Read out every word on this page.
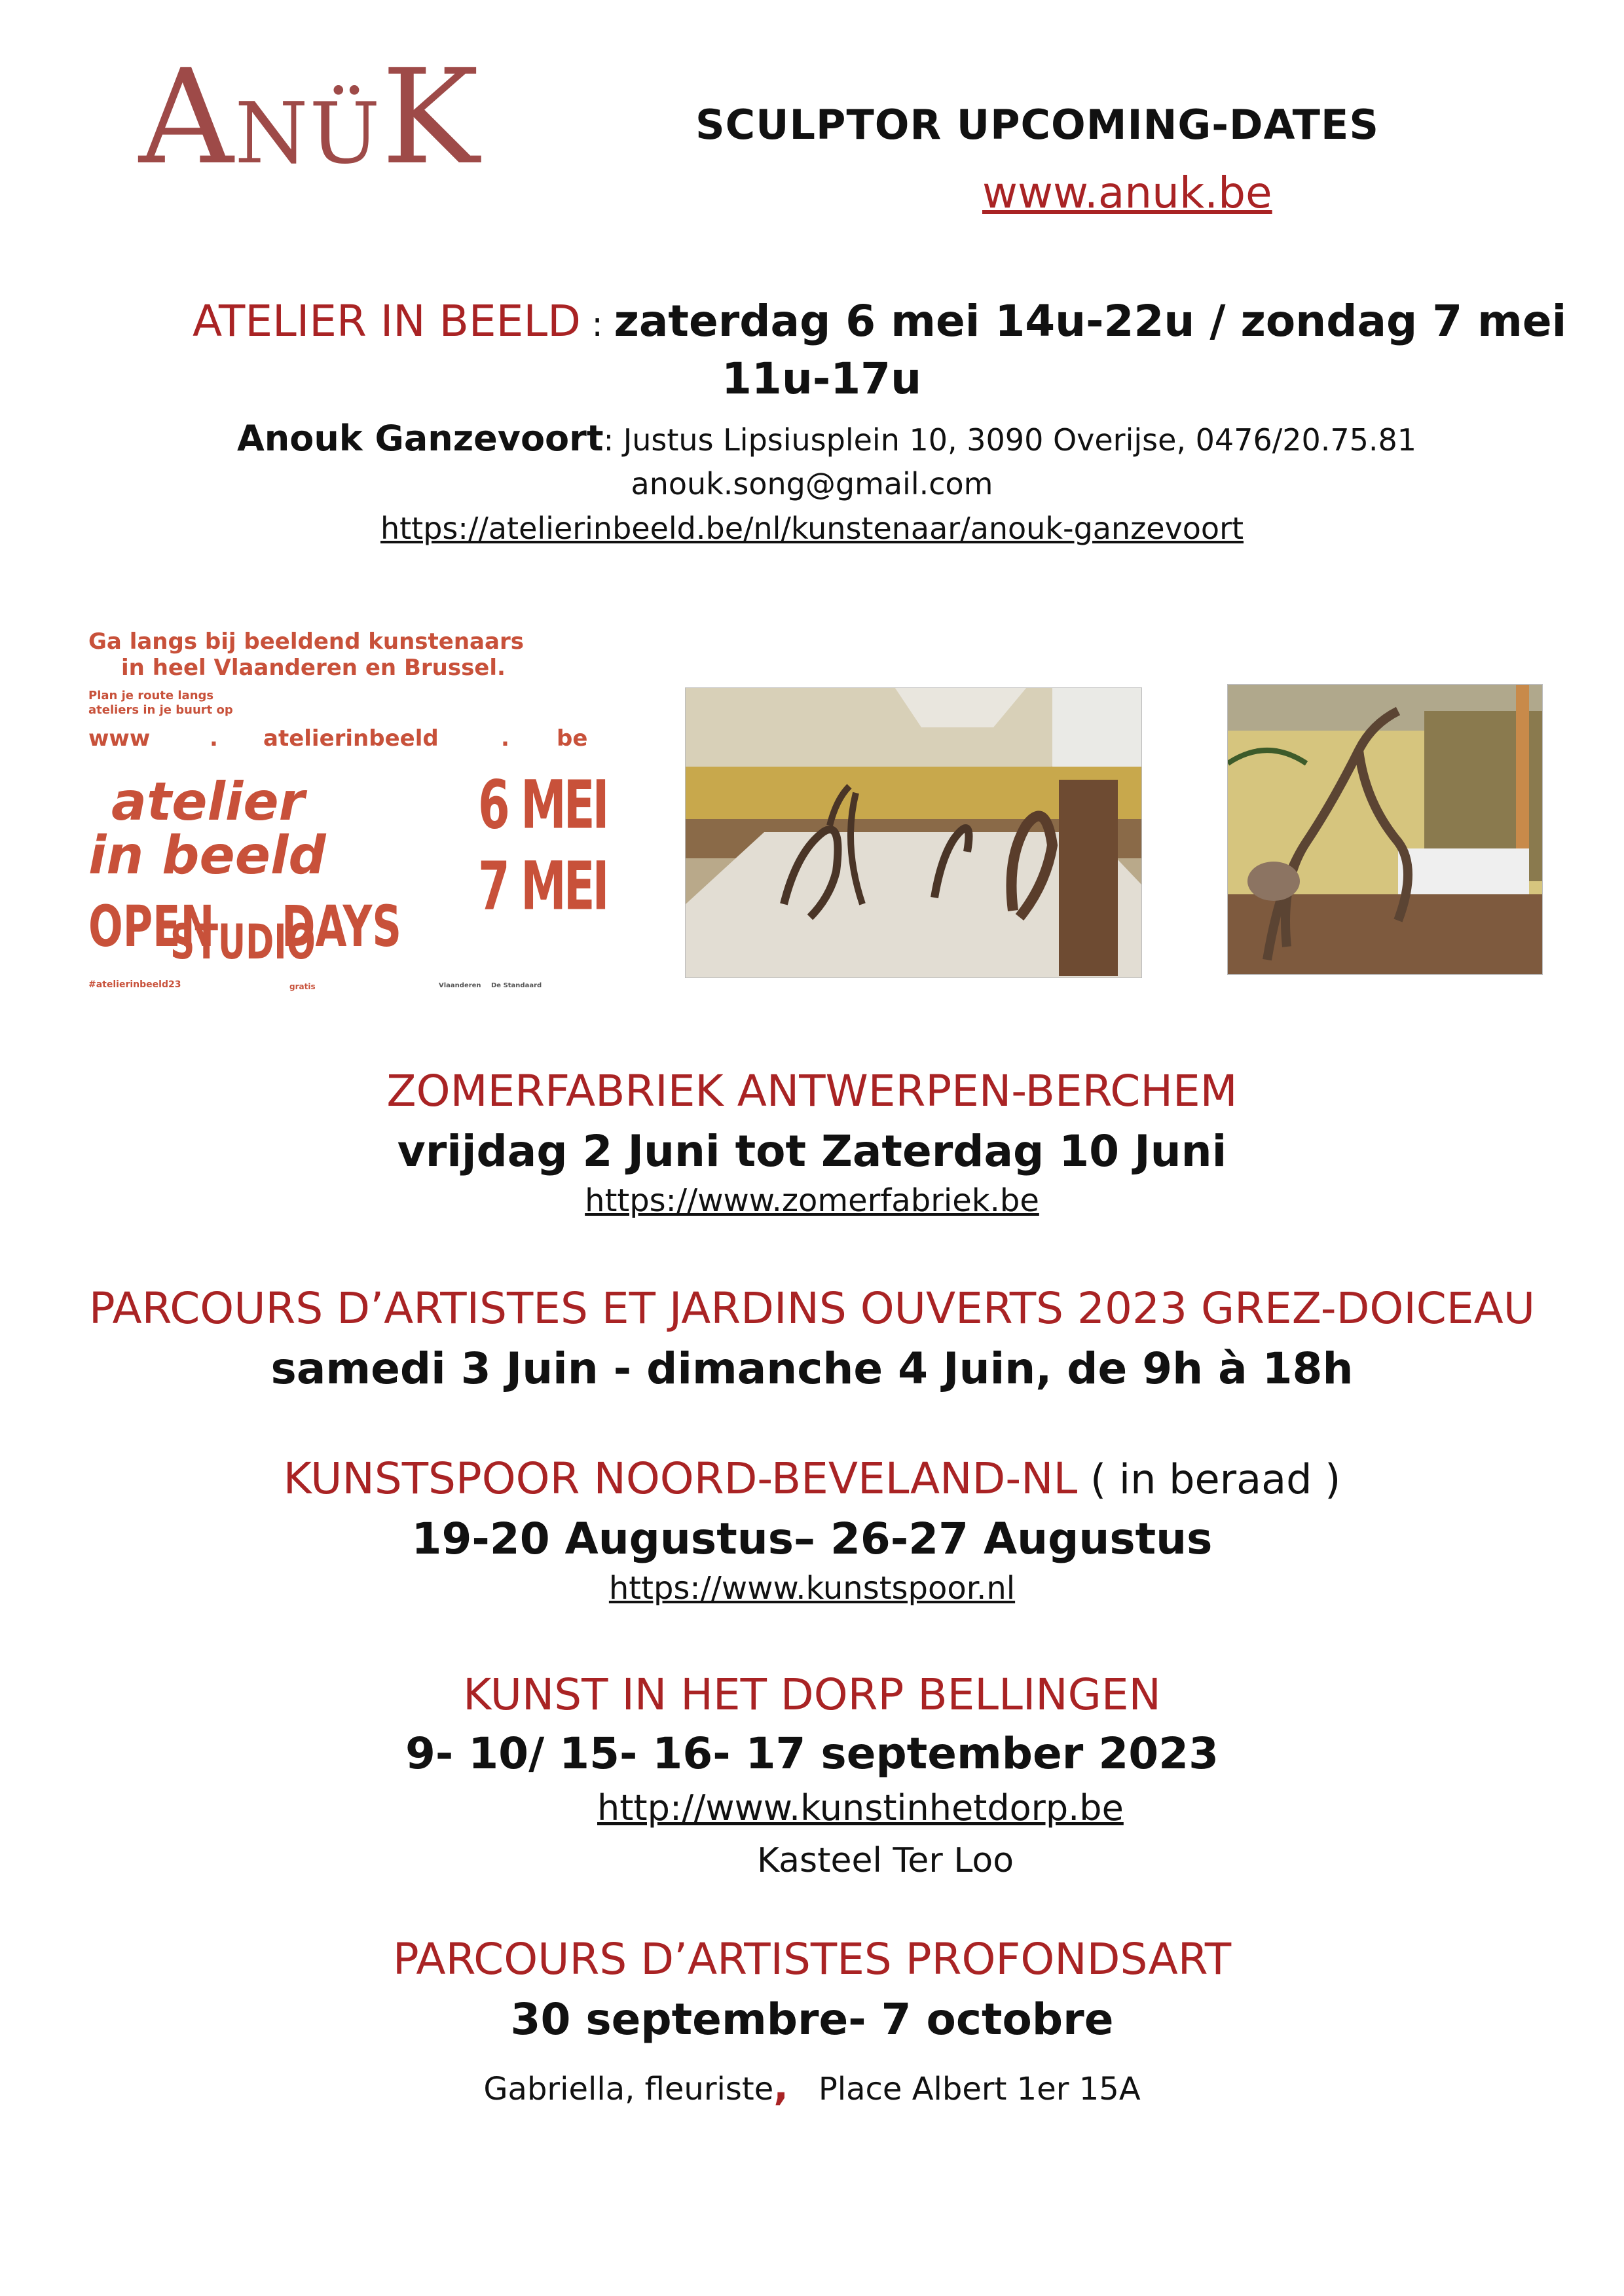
ANÜK	SCULPTOR UPCOMING-DATES
www.anuk.be
ATELIER IN BEELD : zaterdag 6 mei 14u-22u / zondag 7 mei
11u-17u
Anouk Ganzevoort: Justus Lipsiusplein 10, 3090 Overijse, 0476/20.75.81
anouk.song@gmail.com
https://atelierinbeeld.be/nl/kunstenaar/anouk-ganzevoort
Ga langs bij beeldend kunstenaars
in heel Vlaanderen en Brussel.
Plan je route langs
ateliers in je buurt op
www	. atelierinbeeld	. be
atelier
in beeld
OPEN
STUDIO
DAYS
6 MEI
7 MEI
#atelierinbeeld23	gratis	Vlaanderen De Standaard
ZOMERFABRIEK ANTWERPEN-BERCHEM
vrijdag 2 Juni tot Zaterdag 10 Juni
https://www.zomerfabriek.be
PARCOURS D’ARTISTES ET JARDINS OUVERTS 2023 GREZ-DOICEAU
samedi 3 Juin - dimanche 4 Juin, de 9h à 18h
KUNSTSPOOR NOORD-BEVELAND-NL ( in beraad )
19-20 Augustus– 26-27 Augustus
https://www.kunstspoor.nl
KUNST IN HET DORP BELLINGEN
9- 10/ 15- 16- 17 september 2023
http://www.kunstinhetdorp.be
Kasteel Ter Loo
PARCOURS D’ARTISTES PROFONDSART
30 septembre- 7 octobre
Gabriella, fleuriste,   Place Albert 1er 15A
